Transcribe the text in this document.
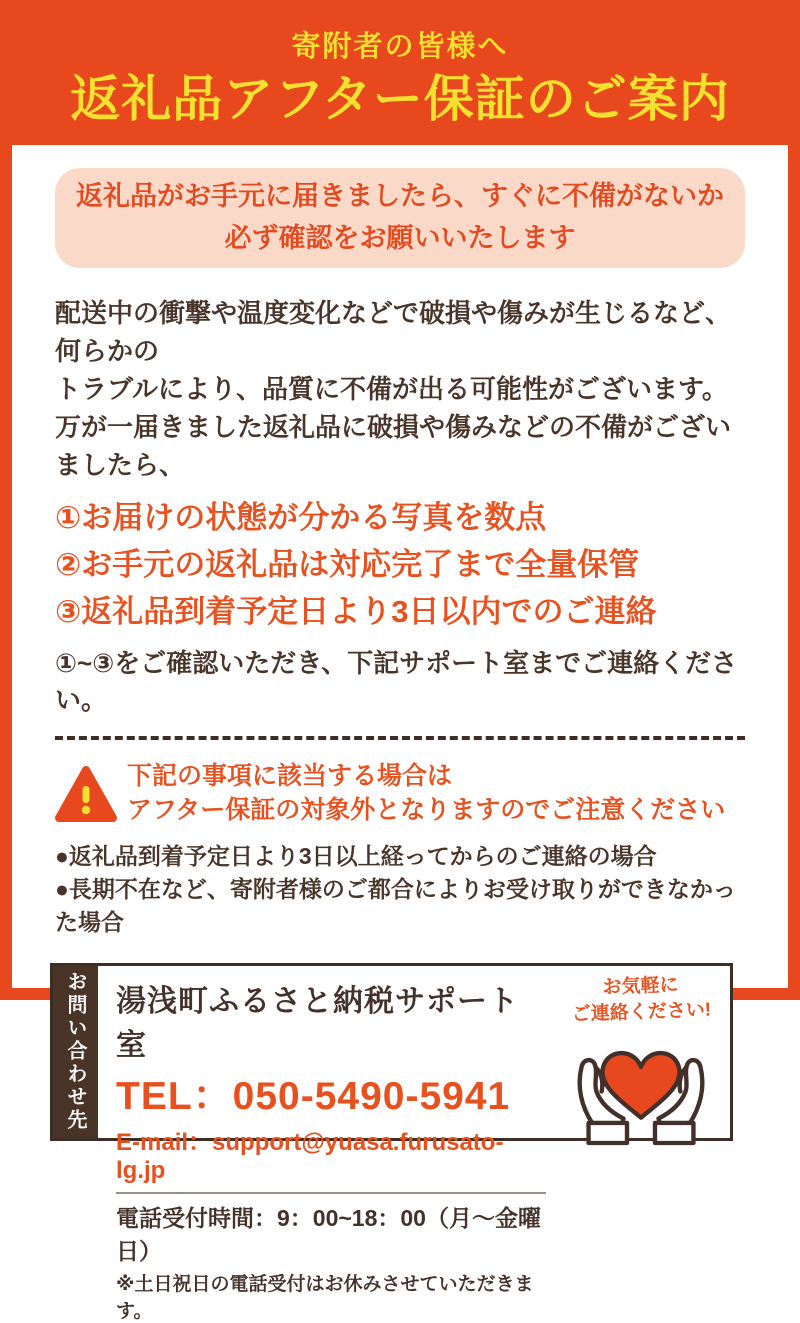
寄附者の皆様へ
返礼品アフター保証のご案内
返礼品がお手元に届きましたら、すぐに不備がないか
必ず確認をお願いいたします
配送中の衝撃や温度変化などで破損や傷みが生じるなど、何らかの
トラブルにより、品質に不備が出る可能性がございます。
万が一届きました返礼品に破損や傷みなどの不備がございましたら、
①お届けの状態が分かる写真を数点
②お手元の返礼品は対応完了まで全量保管
③返礼品到着予定日より3日以内でのご連絡
①~③をご確認いただき、下記サポート室までご連絡ください。
下記の事項に該当する場合は
アフター保証の対象外となりますのでご注意ください
●返礼品到着予定日より3日以上経ってからのご連絡の場合
●長期不在など、寄附者様のご都合によりお受け取りができなかった場合
お問い合わせ先	湯浅町ふるさと納税サポート室
TEL：050-5490-5941
E-mail：support@yuasa.furusato-lg.jp
電話受付時間：9：00~18：00（月～金曜日）
※土日祝日の電話受付はお休みさせていただきます。
お気軽に
ご連絡ください!
